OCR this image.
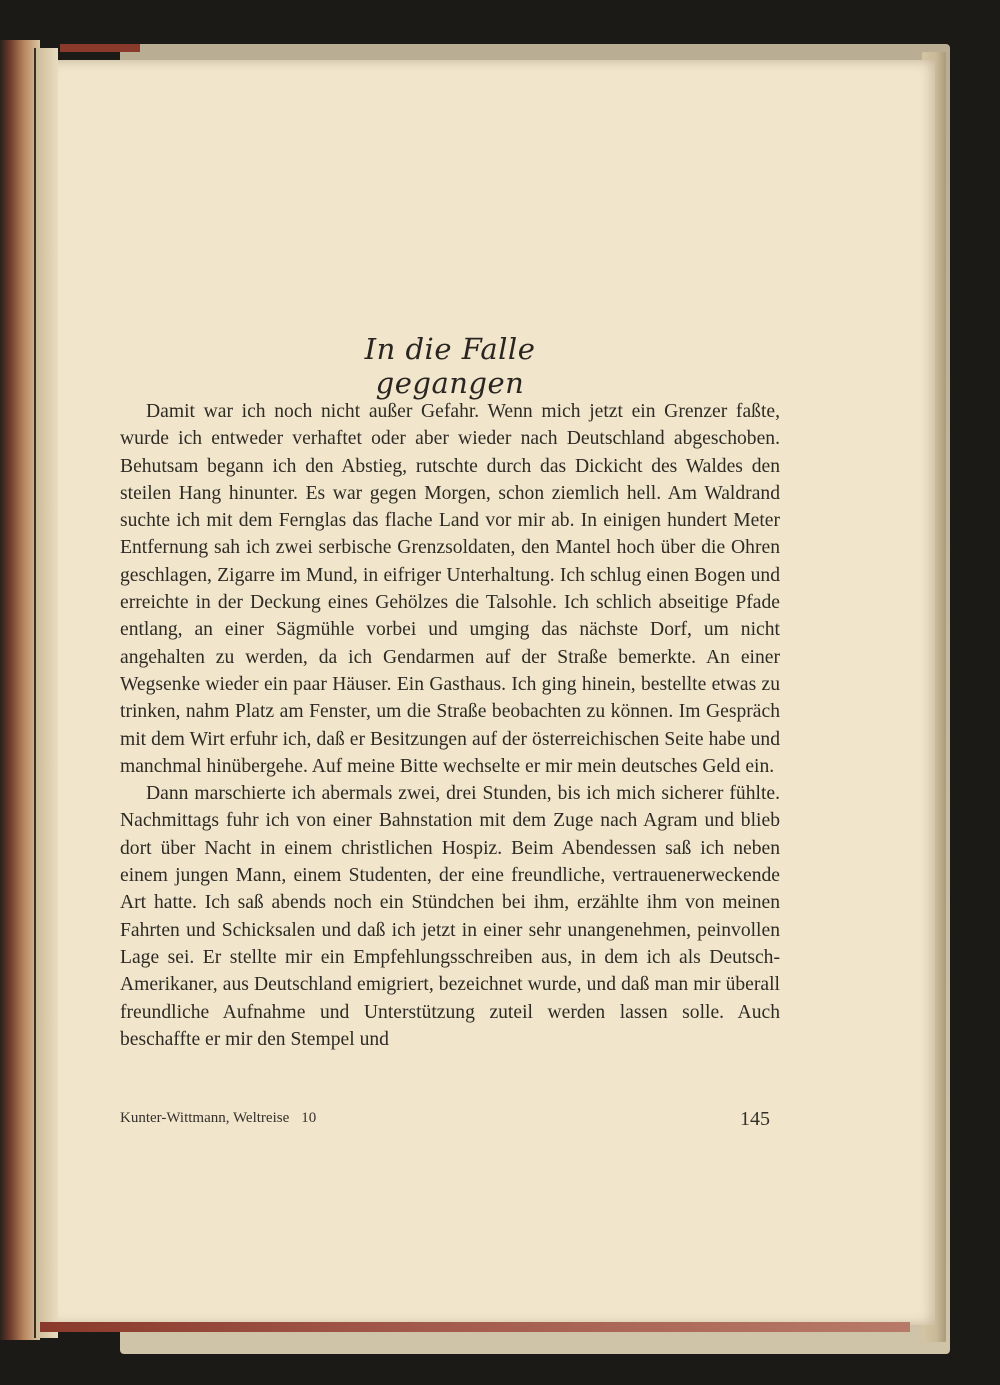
In die Falle gegangen

Damit war ich noch nicht außer Gefahr. Wenn mich jetzt ein Grenzer faßte, wurde ich entweder verhaftet oder aber wieder nach Deutschland abgeschoben. Behutsam begann ich den Abstieg, rutschte durch das Dickicht des Waldes den steilen Hang hinunter. Es war gegen Morgen, schon ziemlich hell. Am Waldrand suchte ich mit dem Fernglas das flache Land vor mir ab. In einigen hundert Meter Entfernung sah ich zwei serbische Grenzsoldaten, den Mantel hoch über die Ohren geschlagen, Zigarre im Mund, in eifriger Unterhaltung. Ich schlug einen Bogen und erreichte in der Deckung eines Gehölzes die Talsohle. Ich schlich abseitige Pfade entlang, an einer Sägmühle vorbei und umging das nächste Dorf, um nicht angehalten zu werden, da ich Gendarmen auf der Straße bemerkte. An einer Wegsenke wieder ein paar Häuser. Ein Gasthaus. Ich ging hinein, bestellte etwas zu trinken, nahm Platz am Fenster, um die Straße beobachten zu können. Im Gespräch mit dem Wirt erfuhr ich, daß er Besitzungen auf der österreichischen Seite habe und manchmal hinübergehe. Auf meine Bitte wechselte er mir mein deutsches Geld ein.

Dann marschierte ich abermals zwei, drei Stunden, bis ich mich sicherer fühlte. Nachmittags fuhr ich von einer Bahnstation mit dem Zuge nach Agram und blieb dort über Nacht in einem christlichen Hospiz. Beim Abendessen saß ich neben einem jungen Mann, einem Studenten, der eine freundliche, vertrauenerweckende Art hatte. Ich saß abends noch ein Stündchen bei ihm, erzählte ihm von meinen Fahrten und Schicksalen und daß ich jetzt in einer sehr unangenehmen, peinvollen Lage sei. Er stellte mir ein Empfehlungsschreiben aus, in dem ich als Deutsch-Amerikaner, aus Deutschland emigriert, bezeichnet wurde, und daß man mir überall freundliche Aufnahme und Unterstützung zuteil werden lassen solle. Auch beschaffte er mir den Stempel und

Kunter-Wittmann, Weltreise 10	145
